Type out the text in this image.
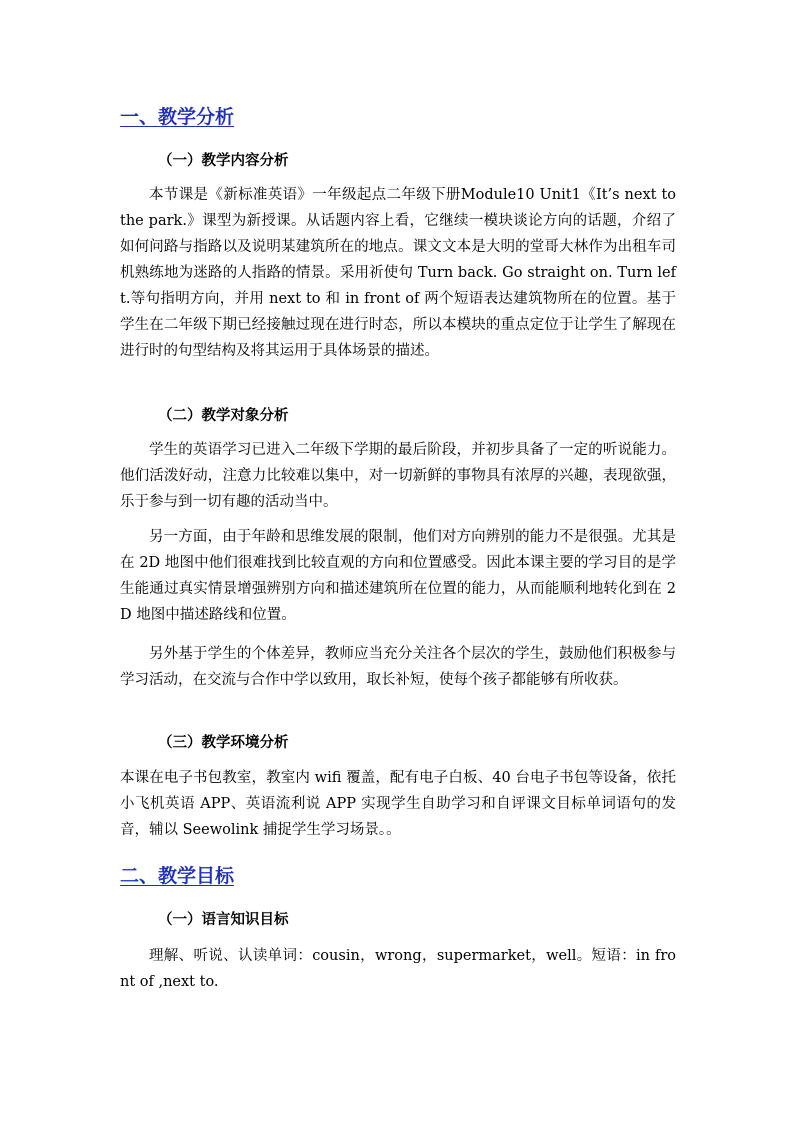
一、教学分析
（一）教学内容分析

本节课是《新标准英语》一年级起点二年级下册Module10 Unit1《It’s next to the park.》课型为新授课。从话题内容上看，它继续一模块谈论方向的话题，介绍了如何问路与指路以及说明某建筑所在的地点。课文文本是大明的堂哥大林作为出租车司机熟练地为迷路的人指路的情景。采用祈使句 Turn back. Go straight on. Turn left.等句指明方向，并用 next to 和 in front of 两个短语表达建筑物所在的位置。基于学生在二年级下期已经接触过现在进行时态，所以本模块的重点定位于让学生了解现在进行时的句型结构及将其运用于具体场景的描述。

（二）教学对象分析

学生的英语学习已进入二年级下学期的最后阶段，并初步具备了一定的听说能力。他们活泼好动，注意力比较难以集中，对一切新鲜的事物具有浓厚的兴趣，表现欲强，乐于参与到一切有趣的活动当中。

另一方面，由于年龄和思维发展的限制，他们对方向辨别的能力不是很强。尤其是在 2D 地图中他们很难找到比较直观的方向和位置感受。因此本课主要的学习目的是学生能通过真实情景增强辨别方向和描述建筑所在位置的能力，从而能顺利地转化到在 2D 地图中描述路线和位置。

另外基于学生的个体差异，教师应当充分关注各个层次的学生，鼓励他们积极参与学习活动，在交流与合作中学以致用，取长补短，使每个孩子都能够有所收获。

（三）教学环境分析

本课在电子书包教室，教室内 wifi 覆盖，配有电子白板、40 台电子书包等设备，依托小飞机英语 APP、英语流利说 APP 实现学生自助学习和自评课文目标单词语句的发音，辅以 Seewolink 捕捉学生学习场景。。

二、教学目标
（一）语言知识目标

理解、听说、认读单词：cousin，wrong，supermarket，well。短语：in front of ,next to.
